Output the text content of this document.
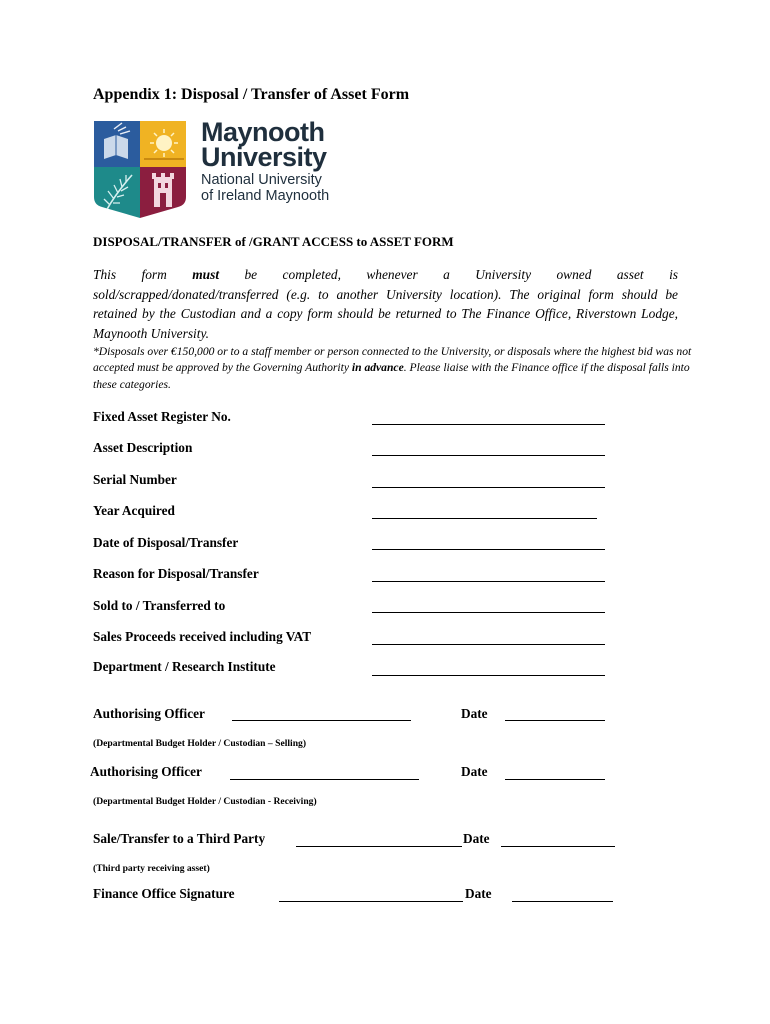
Appendix 1: Disposal / Transfer of Asset Form
Maynooth
University
National University
of Ireland Maynooth
DISPOSAL/TRANSFER of /GRANT ACCESS to ASSET FORM
This form must be completed, whenever a University owned asset is
sold/scrapped/donated/transferred (e.g. to another University location). The original form should be retained by the Custodian and a copy form should be returned to The Finance Office, Riverstown Lodge, Maynooth University.
*Disposals over €150,000 or to a staff member or person connected to the University, or disposals where the highest bid was not accepted must be approved by the Governing Authority in advance. Please liaise with the Finance office if the disposal falls into these categories.
Fixed Asset Register No.
Asset Description
Serial Number
Year Acquired
Date of Disposal/Transfer
Reason for Disposal/Transfer
Sold to / Transferred to
Sales Proceeds received including VAT
Department / Research Institute
Authorising Officer	Date
(Departmental Budget Holder / Custodian – Selling)
Authorising Officer	Date
(Departmental Budget Holder / Custodian - Receiving)
Sale/Transfer to a Third Party	Date
(Third party receiving asset)
Finance Office Signature	Date
